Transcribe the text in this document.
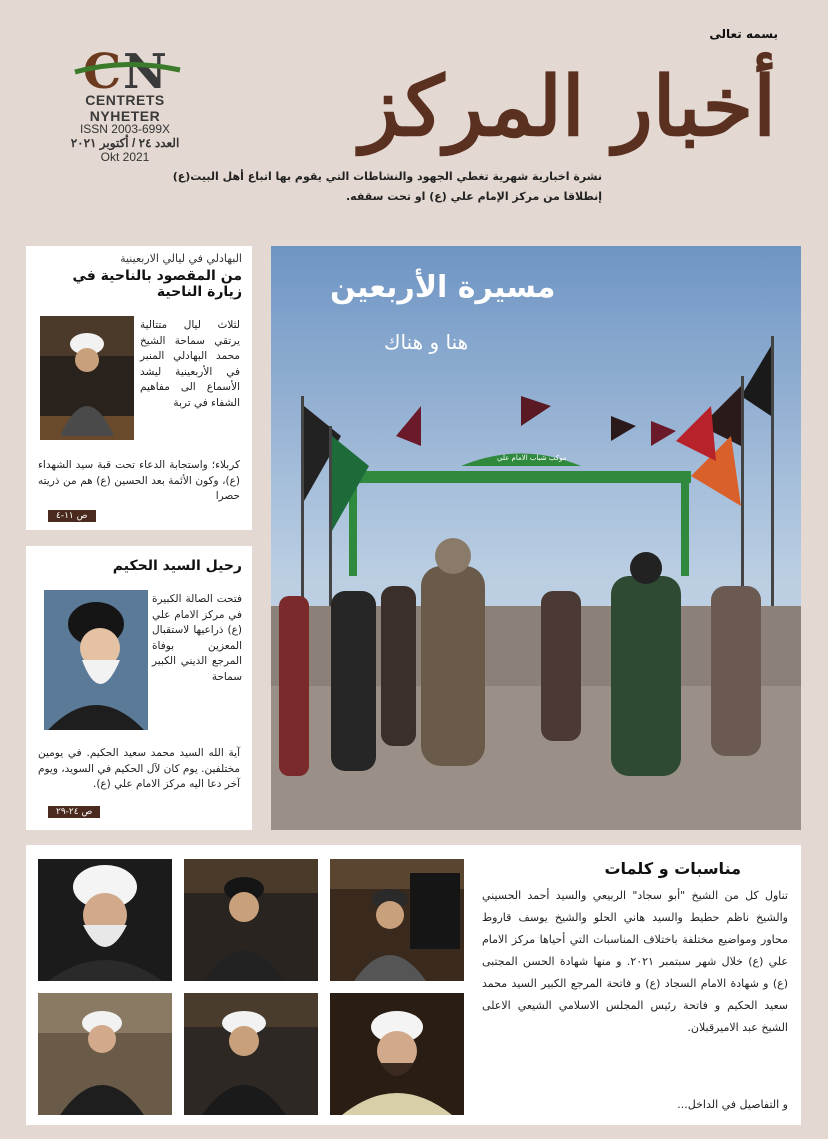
بسمه تعالى
C N
CENTRETS NYHETER
ISSN 2003-699X
العدد ٢٤ / أكتوبر ٢٠٢١
Okt 2021
أخبار المركز
نشرة اخبارية شهرية تغطي الجهود والنشاطات التي يقوم بها اتباع أهل البيت(ع)
إنطلاقا من مركز الإمام علي (ع) او تحت سقفه.
البهادلي في ليالي الاربعينية
من المقصود بالناحية في زيارة الناحية
لثلاث ليال متتالية يرتقي سماحة الشيخ محمد البهادلي المنبر في الأربعينية ليشد الأسماع الى مفاهيم الشفاء في تربة
كربلاء؛ واستجابة الدعاء تحت قبة سيد الشهداء (ع)، وكون الأئمة بعد الحسين (ع) هم من ذريته حصرا
ص ١١-٤
رحيل السيد الحكيم
فتحت الصالة الكبيرة في مركز الامام علي (ع) ذراعيها لاستقبال المعزين بوفاة المرجع الديني الكبير سماحة
آية الله السيد محمد سعيد الحكيم. في يومين مختلفين. يوم كان لآل الحكيم في السويد، ويوم آخر دعا اليه مركز الامام علي (ع).
ص ٢٤-٢٩
موكب شباب الامام علي
مسيرة الأربعين
هنا و هناك
مناسبات و كلمات
تناول كل من الشيخ "أبو سجاد" الربيعي والسيد أحمد الحسيني والشيخ ناظم حطيط والسيد هاني الحلو والشيخ يوسف قاروط محاور ومواضيع مختلفة باختلاف المناسبات التي أحياها مركز الامام علي (ع) خلال شهر سبتمبر ٢٠٢١. و منها شهادة الحسن المجتبى (ع) و شهادة الامام السجاد (ع) و فاتحة المرجع الكبير السيد محمد سعيد الحكيم و فاتحة رئيس المجلس الاسلامي الشيعي الاعلى الشيخ عبد الاميرقبلان.
و التفاصيل في الداخل...
